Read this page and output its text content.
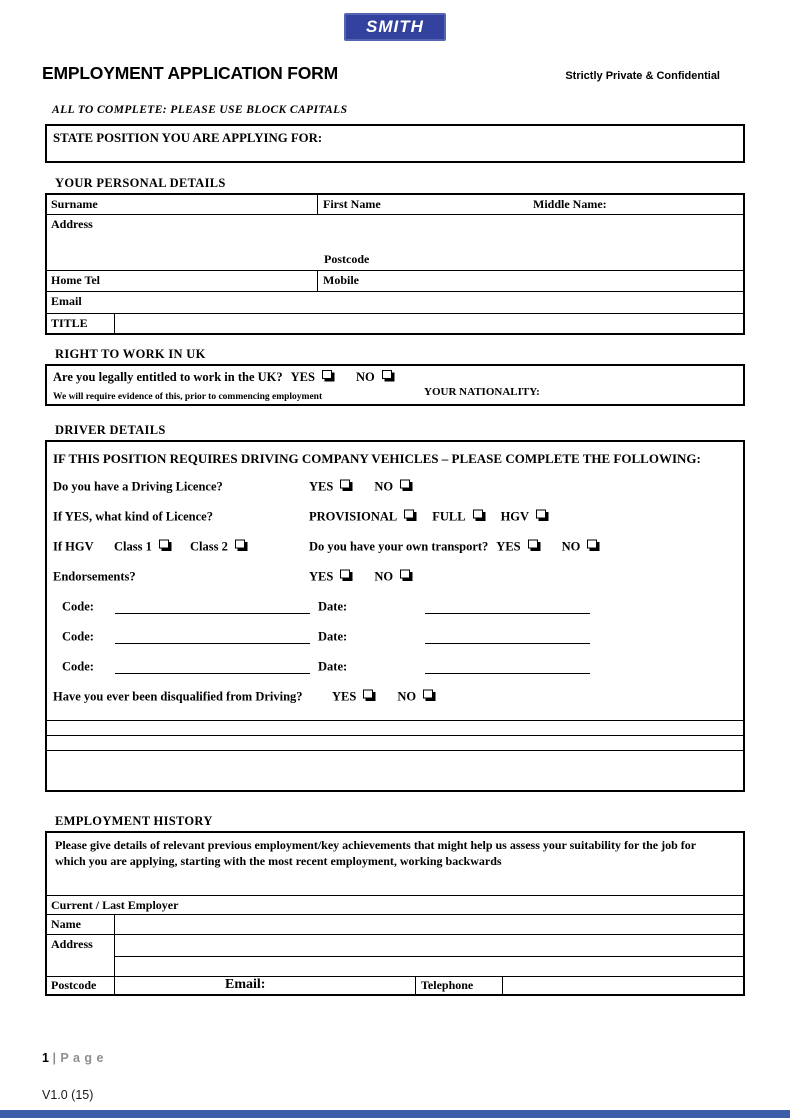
SMITH
EMPLOYMENT APPLICATION FORM	Strictly Private & Confidential
ALL TO COMPLETE: PLEASE USE BLOCK CAPITALS
STATE POSITION YOU ARE APPLYING FOR:
YOUR PERSONAL DETAILS
Surname	First Name	Middle Name:
Address
Postcode
Home Tel	Mobile
Email
TITLE
RIGHT TO WORK IN UK
Are you legally entitled to work in the UK? YES	NO
We will require evidence of this, prior to commencing employment	YOUR NATIONALITY:
DRIVER DETAILS
IF THIS POSITION REQUIRES DRIVING COMPANY VEHICLES – PLEASE COMPLETE THE FOLLOWING:
Do you have a Driving Licence?	YES	NO
If YES, what kind of Licence?	PROVISIONAL	FULL	HGV
If HGV Class 1	Class 2	Do you have your own transport? YES	NO
Endorsements?	YES	NO
Code:	Date:
Code:	Date:
Code:	Date:
Have you ever been disqualified from Driving? YES	NO
EMPLOYMENT HISTORY
Please give details of relevant previous employment/key achievements that might help us assess your suitability for the job for which you are applying, starting with the most recent employment, working backwards
Current / Last Employer
Name
Address
Postcode	Email:	Telephone
1 | P a g e
V1.0 (15)
